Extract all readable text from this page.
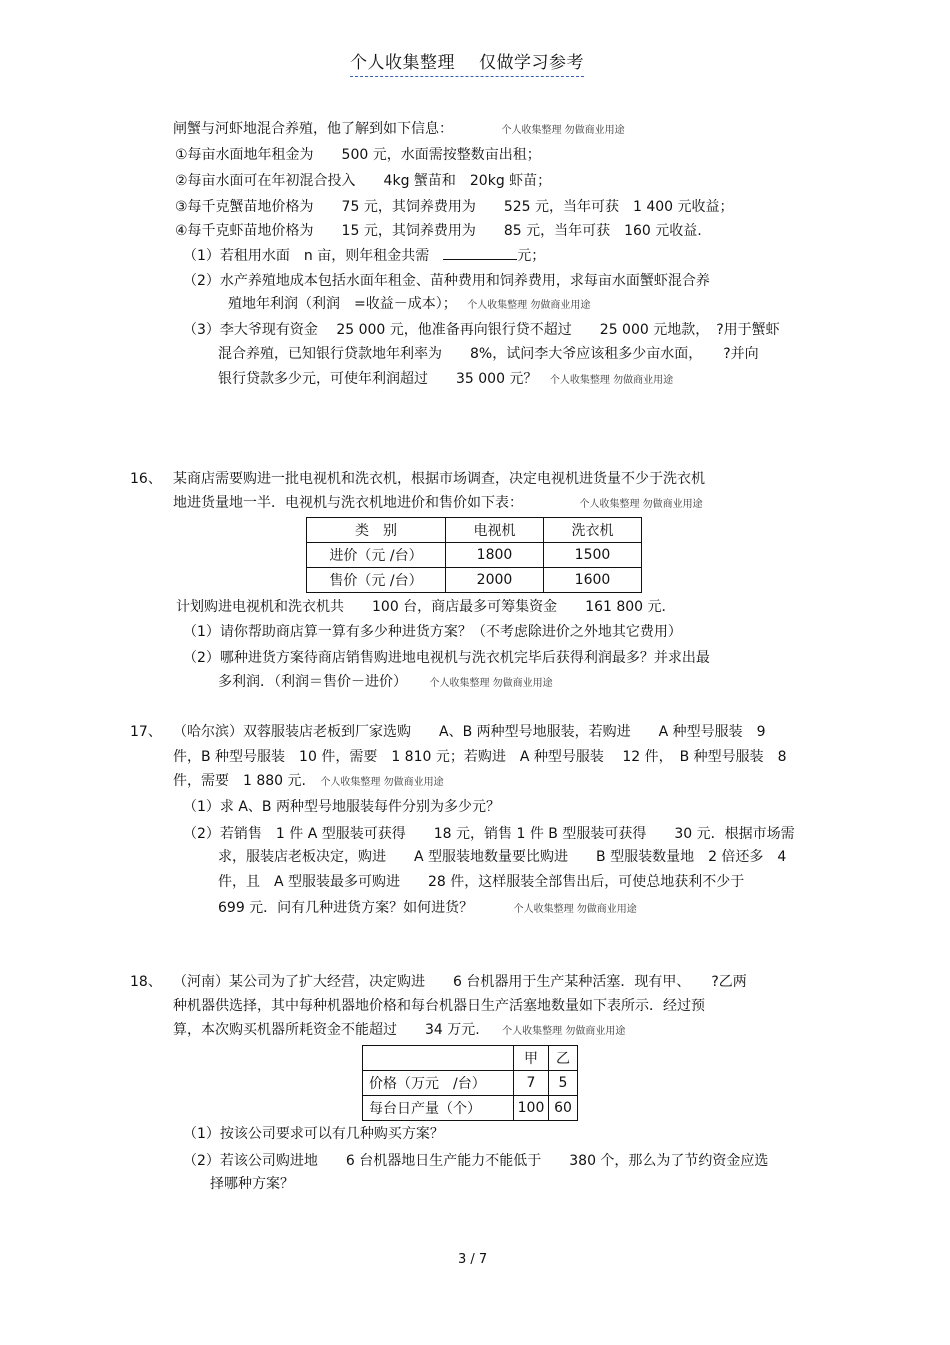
个人收集整理 仅做学习参考
闸蟹与河虾地混合养殖，他了解到如下信息：	个人收集整理 勿做商业用途
①每亩水面地年租金为　　500 元，水面需按整数亩出租；
②每亩水面可在年初混合投入　　4kg 蟹苗和　20kg 虾苗；
③每千克蟹苗地价格为　　75 元，其饲养费用为　　525 元，当年可获　1 400 元收益；
④每千克虾苗地价格为　　15 元，其饲养费用为　　85 元，当年可获　160 元收益.
（1）若租用水面　n 亩，则年租金共需　	元；
（2）水产养殖地成本包括水面年租金、苗种费用和饲养费用，求每亩水面蟹虾混合养
殖地年利润（利润　=收益－成本）； 个人收集整理 勿做商业用途
（3）李大爷现有资金　 25 000 元，他准备再向银行贷不超过　　25 000 元地款，　?用于蟹虾
混合养殖，已知银行贷款地年利率为　　8%，试问李大爷应该租多少亩水面，　　?并向
银行贷款多少元，可使年利润超过　　35 000 元？ 个人收集整理 勿做商业用途
16、 某商店需要购进一批电视机和洗衣机，根据市场调查，决定电视机进货量不少于洗衣机
地进货量地一半．电视机与洗衣机地进价和售价如下表：	个人收集整理 勿做商业用途
类　别	电视机	洗衣机
进价（元 /台）	1800	1500
售价（元 /台）	2000	1600
计划购进电视机和洗衣机共　　100 台，商店最多可筹集资金　　161 800 元．
（1）请你帮助商店算一算有多少种进货方案？（不考虑除进价之外地其它费用）
（2）哪种进货方案待商店销售购进地电视机与洗衣机完毕后获得利润最多？并求出最
多利润．（利润＝售价－进价） 个人收集整理 勿做商业用途
17、 （哈尔滨）双蓉服装店老板到厂家选购　　A、B 两种型号地服装，若购进　　A 种型号服装　9
件，B 种型号服装　10 件，需要　1 810 元；若购进　A 种型号服装　 12 件，　B 种型号服装　8
件，需要　1 880 元. 个人收集整理 勿做商业用途
（1）求 A、B 两种型号地服装每件分别为多少元？
（2）若销售　1 件 A 型服装可获得　　18 元，销售 1 件 B 型服装可获得　　30 元．根据市场需
求，服装店老板决定，购进　　A 型服装地数量要比购进　　B 型服装数量地　2 倍还多　4
件，且　A 型服装最多可购进　　28 件，这样服装全部售出后，可使总地获利不少于
699 元．问有几种进货方案？如何进货？	个人收集整理 勿做商业用途
18、 （河南）某公司为了扩大经营，决定购进　　6 台机器用于生产某种活塞．现有甲、　　?乙两
种机器供选择，其中每种机器地价格和每台机器日生产活塞地数量如下表所示．经过预
算，本次购买机器所耗资金不能超过　　34 万元. 个人收集整理 勿做商业用途
	甲	乙
价格（万元　/台）	7	5
每台日产量（个）	100	60
（1）按该公司要求可以有几种购买方案？
（2）若该公司购进地　　6 台机器地日生产能力不能低于　　380 个，那么为了节约资金应选
择哪种方案？
3 / 7
